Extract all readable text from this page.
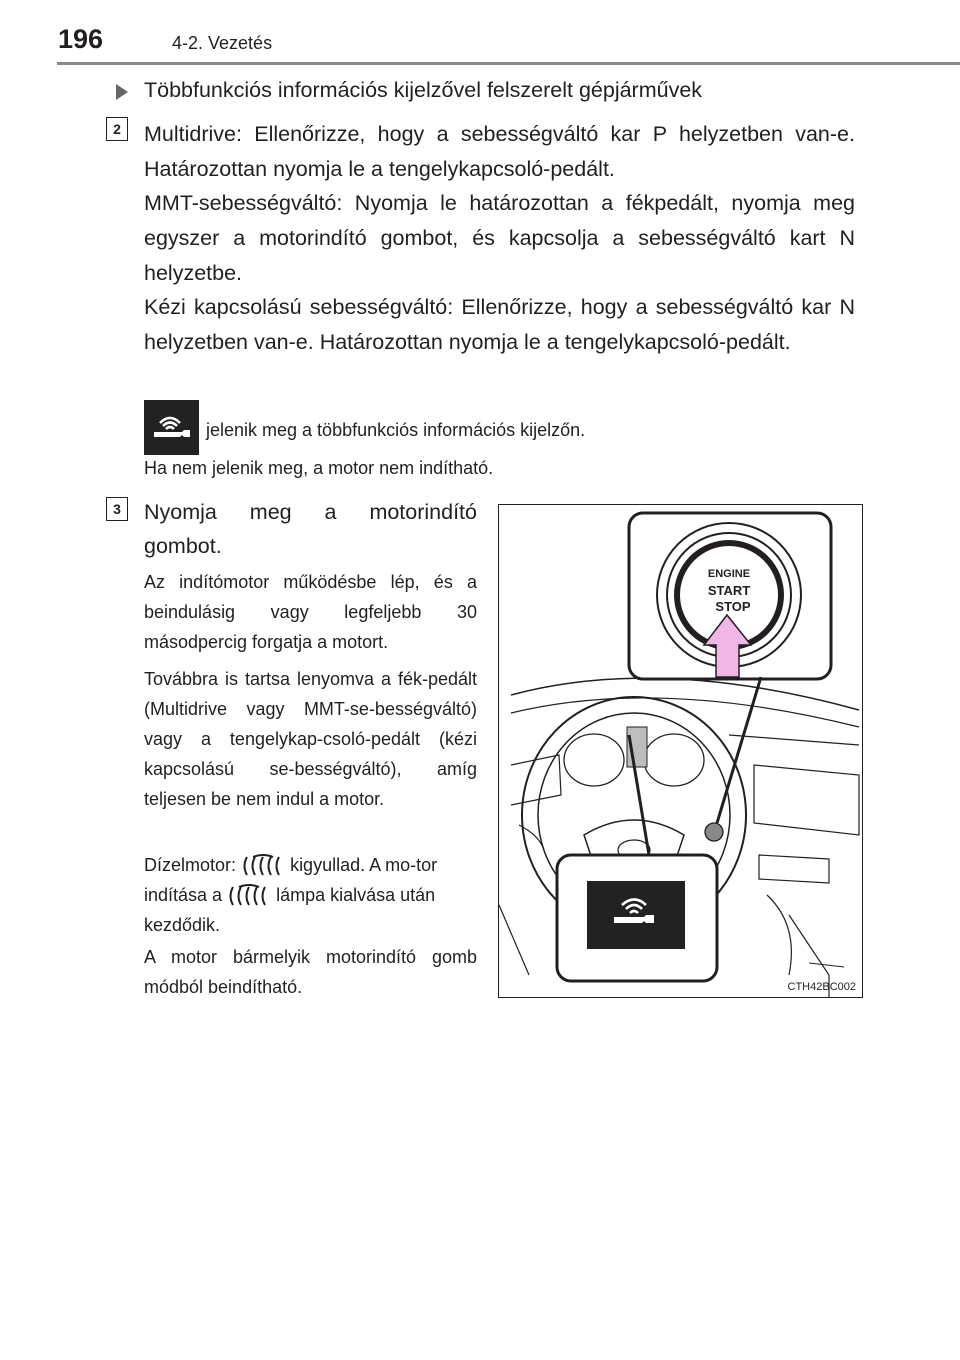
196	4-2. Vezetés
Többfunkciós információs kijelzővel felszerelt gépjárművek
2	Multidrive: Ellenőrizze, hogy a sebességváltó kar P helyzetben van-e. Határozottan nyomja le a tengelykapcsoló-pedált.
MMT-sebességváltó: Nyomja le határozottan a fékpedált, nyomja meg egyszer a motorindító gombot, és kapcsolja a sebességváltó kart N helyzetbe.
Kézi kapcsolású sebességváltó: Ellenőrizze, hogy a sebességváltó kar N helyzetben van-e. Határozottan nyomja le a tengelykapcsoló-pedált.
jelenik meg a többfunkciós információs kijelzőn.
Ha nem jelenik meg, a motor nem indítható.
3	Nyomja meg a motorindító gombot.
Az indítómotor működésbe lép, és a beindulásig vagy legfeljebb 30 másodpercig forgatja a motort.
Továbbra is tartsa lenyomva a fék-pedált (Multidrive vagy MMT-se-bességváltó) vagy a tengelykap-csoló-pedált (kézi kapcsolású se-bességváltó), amíg teljesen be nem indul a motor.
Dízelmotor:	kigyullad. A mo-tor indítása a	lámpa kialvása után kezdődik.
A motor bármelyik motorindító gomb módból beindítható.
ENGINE
START
STOP
CTH42BC002
